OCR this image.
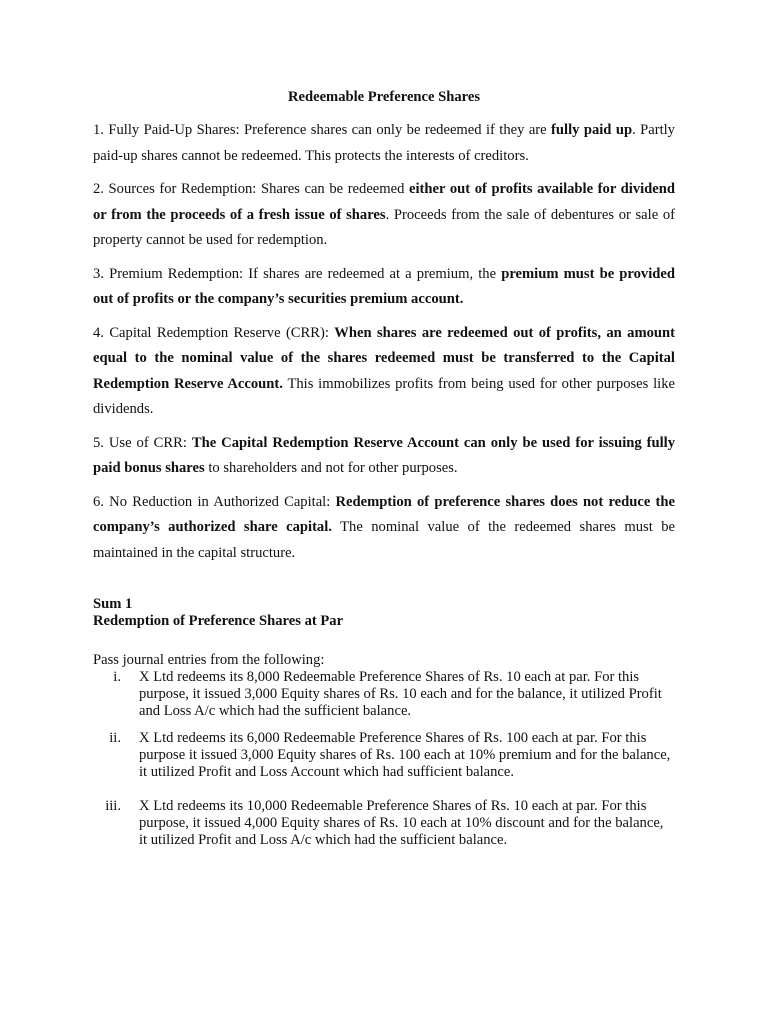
Redeemable Preference Shares

1. Fully Paid-Up Shares: Preference shares can only be redeemed if they are fully paid up. Partly paid-up shares cannot be redeemed. This protects the interests of creditors.

2. Sources for Redemption: Shares can be redeemed either out of profits available for dividend or from the proceeds of a fresh issue of shares. Proceeds from the sale of debentures or sale of property cannot be used for redemption.

3. Premium Redemption: If shares are redeemed at a premium, the premium must be provided out of profits or the company’s securities premium account.

4. Capital Redemption Reserve (CRR): When shares are redeemed out of profits, an amount equal to the nominal value of the shares redeemed must be transferred to the Capital Redemption Reserve Account. This immobilizes profits from being used for other purposes like dividends.

5. Use of CRR: The Capital Redemption Reserve Account can only be used for issuing fully paid bonus shares to shareholders and not for other purposes.

6. No Reduction in Authorized Capital: Redemption of preference shares does not reduce the company’s authorized share capital. The nominal value of the redeemed shares must be maintained in the capital structure.

Sum 1
Redemption of Preference Shares at Par
Pass journal entries from the following:
i. X Ltd redeems its 8,000 Redeemable Preference Shares of Rs. 10 each at par. For this purpose, it issued 3,000 Equity shares of Rs. 10 each and for the balance, it utilized Profit and Loss A/c which had the sufficient balance.
ii. X Ltd redeems its 6,000 Redeemable Preference Shares of Rs. 100 each at par. For this purpose it issued 3,000 Equity shares of Rs. 100 each at 10% premium and for the balance, it utilized Profit and Loss Account which had sufficient balance.
iii. X Ltd redeems its 10,000 Redeemable Preference Shares of Rs. 10 each at par. For this purpose, it issued 4,000 Equity shares of Rs. 10 each at 10% discount and for the balance, it utilized Profit and Loss A/c which had the sufficient balance.
